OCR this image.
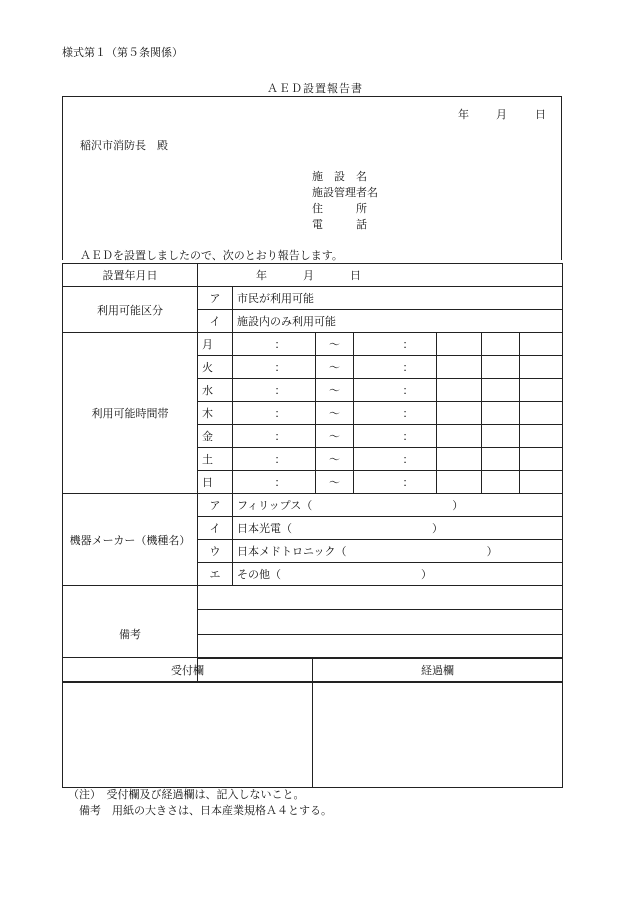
様式第１（第５条関係）
ＡＥＤ設置報告書
年 月	日
稲沢市消防長　殿
施　設　名
施設管理者名
住　　　所
電　　　話
ＡＥＤを設置しましたので、次のとおり報告します。
設置年月日	年 月 日								
利用可能区分	ア	市民が利用可能							
	イ	施設内のみ利用可能							
利用可能時間帯	月		：	～		：			
	火		：	～		：			
	水		：	～		：			
	木		：	～		：			
	金		：	～		：			
	土		：	～		：			
	日		：	～		：			
機器メーカー（機種名）	ア	フィリップス（ ）							
	イ	日本光電（ ）							
	ウ	日本メドトロニック（ ）							
	エ	その他（ ）							
備考									

受付欄	経過欄

（注）　受付欄及び経過欄は、記入しないこと。
　備考　用紙の大きさは、日本産業規格Ａ４とする。
